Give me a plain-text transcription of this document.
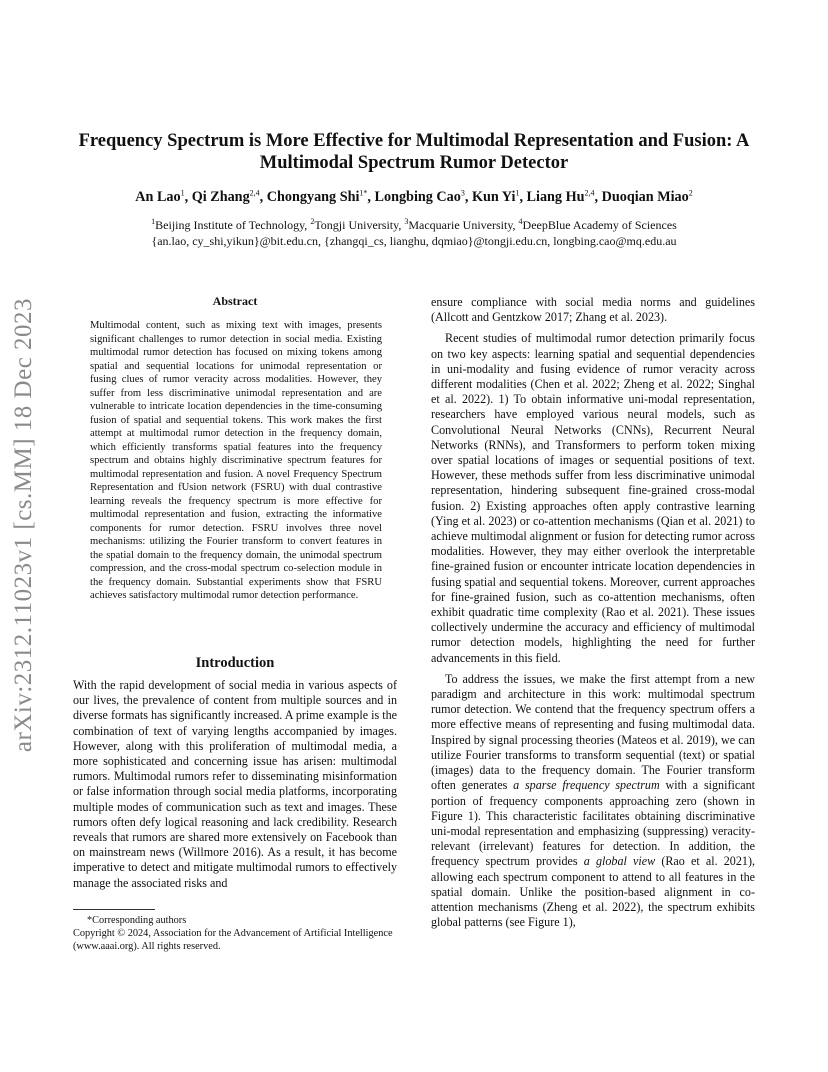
arXiv:2312.11023v1 [cs.MM] 18 Dec 2023
Frequency Spectrum is More Effective for Multimodal Representation and Fusion: A Multimodal Spectrum Rumor Detector
An Lao$^1$, Qi Zhang$^{2,4}$, Chongyang Shi$^{1*}$, Longbing Cao$^3$, Kun Yi$^1$, Liang Hu$^{2,4}$, Duoqian Miao$^2$
$^1$Beijing Institute of Technology, $^2$Tongji University, $^3$Macquarie University, $^4$DeepBlue Academy of Sciences
{an.lao, cy_shi,yikun}@bit.edu.cn, {zhangqi_cs, lianghu, dqmiao}@tongji.edu.cn, longbing.cao@mq.edu.au
Abstract
Multimodal content, such as mixing text with images, presents significant challenges to rumor detection in social media. Existing multimodal rumor detection has focused on mixing tokens among spatial and sequential locations for unimodal representation or fusing clues of rumor veracity across modalities. However, they suffer from less discriminative unimodal representation and are vulnerable to intricate location dependencies in the time-consuming fusion of spatial and sequential tokens. This work makes the first attempt at multimodal rumor detection in the frequency domain, which efficiently transforms spatial features into the frequency spectrum and obtains highly discriminative spectrum features for multimodal representation and fusion. A novel Frequency Spectrum Representation and fUsion network (FSRU) with dual contrastive learning reveals the frequency spectrum is more effective for multimodal representation and fusion, extracting the informative components for rumor detection. FSRU involves three novel mechanisms: utilizing the Fourier transform to convert features in the spatial domain to the frequency domain, the unimodal spectrum compression, and the cross-modal spectrum co-selection module in the frequency domain. Substantial experiments show that FSRU achieves satisfactory multimodal rumor detection performance.
Introduction

With the rapid development of social media in various aspects of our lives, the prevalence of content from multiple sources and in diverse formats has significantly increased. A prime example is the combination of text of varying lengths accompanied by images. However, along with this proliferation of multimodal media, a more sophisticated and concerning issue has arisen: multimodal rumors. Multimodal rumors refer to disseminating misinformation or false information through social media platforms, incorporating multiple modes of communication such as text and images. These rumors often defy logical reasoning and lack credibility. Research reveals that rumors are shared more extensively on Facebook than on mainstream news (Willmore 2016). As a result, it has become imperative to detect and mitigate multimodal rumors to effectively manage the associated risks and

*Corresponding authors
Copyright © 2024, Association for the Advancement of Artificial Intelligence (www.aaai.org). All rights reserved.

ensure compliance with social media norms and guidelines (Allcott and Gentzkow 2017; Zhang et al. 2023).

Recent studies of multimodal rumor detection primarily focus on two key aspects: learning spatial and sequential dependencies in uni-modality and fusing evidence of rumor veracity across different modalities (Chen et al. 2022; Zheng et al. 2022; Singhal et al. 2022). 1) To obtain informative uni-modal representation, researchers have employed various neural models, such as Convolutional Neural Networks (CNNs), Recurrent Neural Networks (RNNs), and Transformers to perform token mixing over spatial locations of images or sequential positions of text. However, these methods suffer from less discriminative unimodal representation, hindering subsequent fine-grained cross-modal fusion. 2) Existing approaches often apply contrastive learning (Ying et al. 2023) or co-attention mechanisms (Qian et al. 2021) to achieve multimodal alignment or fusion for detecting rumor across modalities. However, they may either overlook the interpretable fine-grained fusion or encounter intricate location dependencies in fusing spatial and sequential tokens. Moreover, current approaches for fine-grained fusion, such as co-attention mechanisms, often exhibit quadratic time complexity (Rao et al. 2021). These issues collectively undermine the accuracy and efficiency of multimodal rumor detection models, highlighting the need for further advancements in this field.

To address the issues, we make the first attempt from a new paradigm and architecture in this work: multimodal spectrum rumor detection. We contend that the frequency spectrum offers a more effective means of representing and fusing multimodal data. Inspired by signal processing theories (Mateos et al. 2019), we can utilize Fourier transforms to transform sequential (text) or spatial (images) data to the frequency domain. The Fourier transform often generates a sparse frequency spectrum with a significant portion of frequency components approaching zero (shown in Figure 1). This characteristic facilitates obtaining discriminative uni-modal representation and emphasizing (suppressing) veracity-relevant (irrelevant) features for detection. In addition, the frequency spectrum provides a global view (Rao et al. 2021), allowing each spectrum component to attend to all features in the spatial domain. Unlike the position-based alignment in co-attention mechanisms (Zheng et al. 2022), the spectrum exhibits global patterns (see Figure 1),
